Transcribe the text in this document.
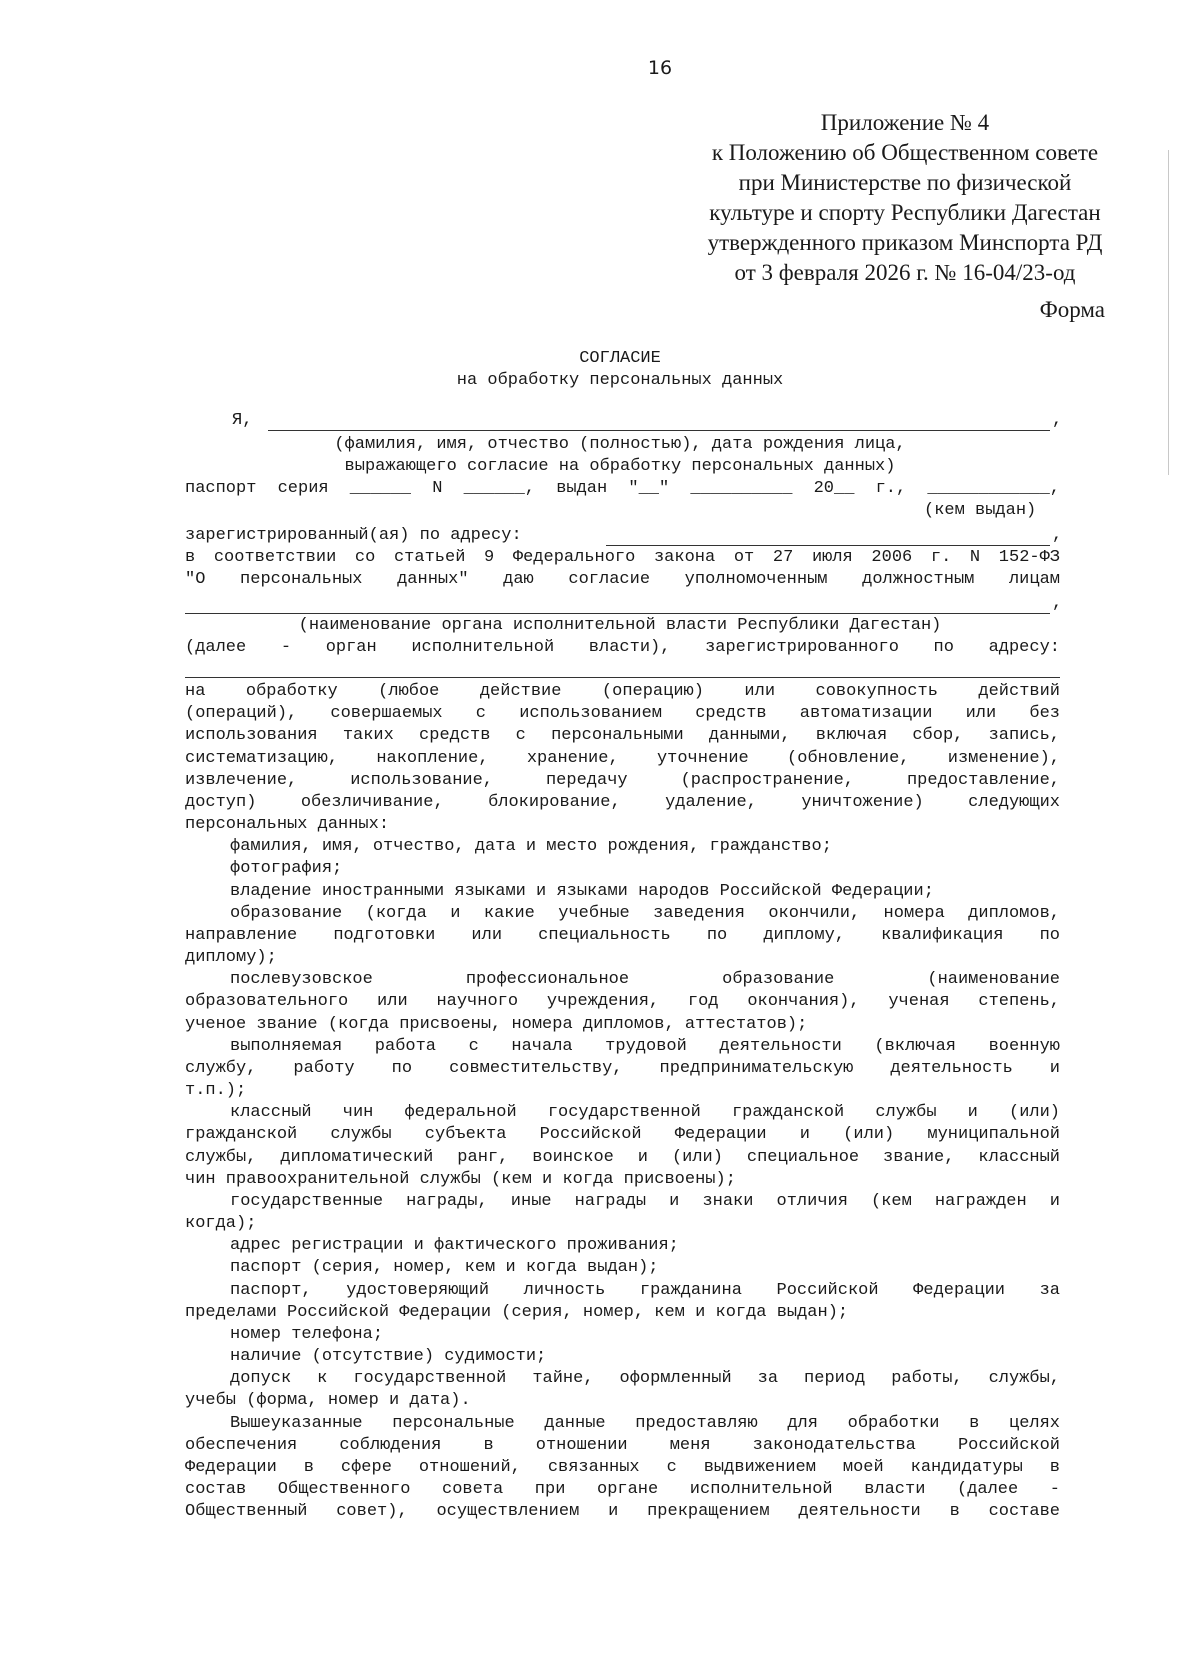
16
Приложение № 4
к Положению об Общественном совете
при Министерстве по физической
культуре и спорту Республики Дагестан
утвержденного приказом Минспорта РД
от 3 февраля 2026 г. № 16-04/23-од
Форма
СОГЛАСИЕ
на обработку персональных данных
Я,	,
(фамилия, имя, отчество (полностью), дата рождения лица,
выражающего согласие на обработку персональных данных)
паспорт серия ______ N ______, выдан "__" __________ 20__ г., ____________,
(кем выдан)
зарегистрированный(ая) по адресу:	,
в соответствии со статьей 9 Федерального закона от 27 июля 2006 г. N 152-ФЗ
"О персональных данных" даю согласие уполномоченным должностным лицам
,
(наименование органа исполнительной власти Республики Дагестан)
(далее - орган исполнительной власти), зарегистрированного по адресу:
на обработку (любое действие (операцию) или совокупность действий
(операций), совершаемых с использованием средств автоматизации или без
использования таких средств с персональными данными, включая сбор, запись,
систематизацию, накопление, хранение, уточнение (обновление, изменение),
извлечение, использование, передачу (распространение, предоставление,
доступ) обезличивание, блокирование, удаление, уничтожение) следующих
персональных данных:
фамилия, имя, отчество, дата и место рождения, гражданство;
фотография;
владение иностранными языками и языками народов Российской Федерации;
образование (когда и какие учебные заведения окончили, номера дипломов,
направление подготовки или специальность по диплому, квалификация по
диплому);
послевузовское профессиональное образование (наименование
образовательного или научного учреждения, год окончания), ученая степень,
ученое звание (когда присвоены, номера дипломов, аттестатов);
выполняемая работа с начала трудовой деятельности (включая военную
службу, работу по совместительству, предпринимательскую деятельность и
т.п.);
классный чин федеральной государственной гражданской службы и (или)
гражданской службы субъекта Российской Федерации и (или) муниципальной
службы, дипломатический ранг, воинское и (или) специальное звание, классный
чин правоохранительной службы (кем и когда присвоены);
государственные награды, иные награды и знаки отличия (кем награжден и
когда);
адрес регистрации и фактического проживания;
паспорт (серия, номер, кем и когда выдан);
паспорт, удостоверяющий личность гражданина Российской Федерации за
пределами Российской Федерации (серия, номер, кем и когда выдан);
номер телефона;
наличие (отсутствие) судимости;
допуск к государственной тайне, оформленный за период работы, службы,
учебы (форма, номер и дата).
Вышеуказанные персональные данные предоставляю для обработки в целях
обеспечения соблюдения в отношении меня законодательства Российской
Федерации в сфере отношений, связанных с выдвижением моей кандидатуры в
состав Общественного совета при органе исполнительной власти (далее -
Общественный совет), осуществлением и прекращением деятельности в составе
